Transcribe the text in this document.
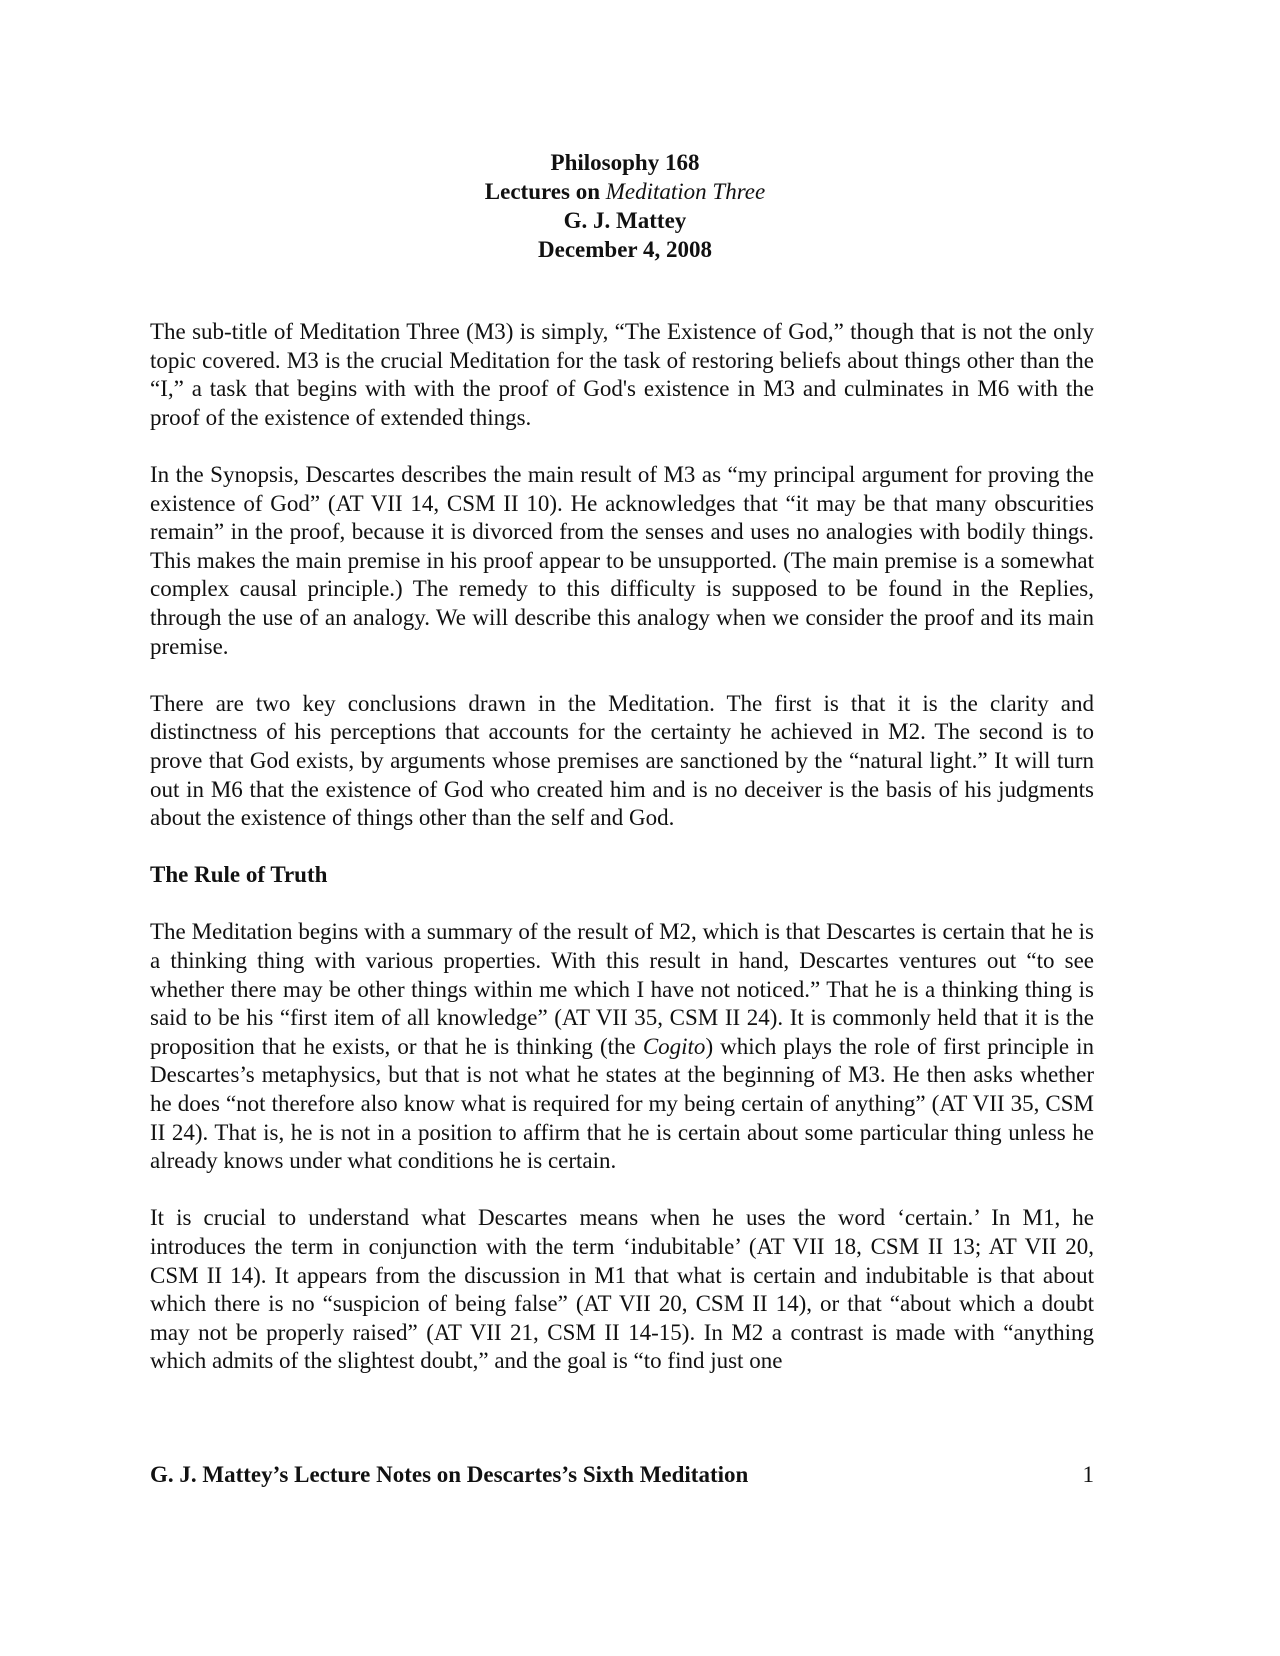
Philosophy 168
Lectures on Meditation Three
G. J. Mattey
December 4, 2008

The sub-title of Meditation Three (M3) is simply, “The Existence of God,” though that is not the only topic covered. M3 is the crucial Meditation for the task of restoring beliefs about things other than the “I,” a task that begins with with the proof of God's existence in M3 and culminates in M6 with the proof of the existence of extended things.

In the Synopsis, Descartes describes the main result of M3 as “my principal argument for proving the existence of God” (AT VII 14, CSM II 10). He acknowledges that “it may be that many obscurities remain” in the proof, because it is divorced from the senses and uses no analogies with bodily things. This makes the main premise in his proof appear to be unsupported. (The main premise is a somewhat complex causal principle.) The remedy to this difficulty is supposed to be found in the Replies, through the use of an analogy. We will describe this analogy when we consider the proof and its main premise.

There are two key conclusions drawn in the Meditation. The first is that it is the clarity and distinctness of his perceptions that accounts for the certainty he achieved in M2. The second is to prove that God exists, by arguments whose premises are sanctioned by the “natural light.” It will turn out in M6 that the existence of God who created him and is no deceiver is the basis of his judgments about the existence of things other than the self and God.

The Rule of Truth

The Meditation begins with a summary of the result of M2, which is that Descartes is certain that he is a thinking thing with various properties. With this result in hand, Descartes ventures out “to see whether there may be other things within me which I have not noticed.” That he is a thinking thing is said to be his “first item of all knowledge” (AT VII 35, CSM II 24). It is commonly held that it is the proposition that he exists, or that he is thinking (the Cogito) which plays the role of first principle in Descartes’s metaphysics, but that is not what he states at the beginning of M3. He then asks whether he does “not therefore also know what is required for my being certain of anything” (AT VII 35, CSM II 24). That is, he is not in a position to affirm that he is certain about some particular thing unless he already knows under what conditions he is certain.

It is crucial to understand what Descartes means when he uses the word ‘certain.’ In M1, he introduces the term in conjunction with the term ‘indubitable’ (AT VII 18, CSM II 13; AT VII 20, CSM II 14). It appears from the discussion in M1 that what is certain and indubitable is that about which there is no “suspicion of being false” (AT VII 20, CSM II 14), or that “about which a doubt may not be properly raised” (AT VII 21, CSM II 14-15). In M2 a contrast is made with “anything which admits of the slightest doubt,” and the goal is “to find just one

G. J. Mattey’s Lecture Notes on Descartes’s Sixth Meditation	1
